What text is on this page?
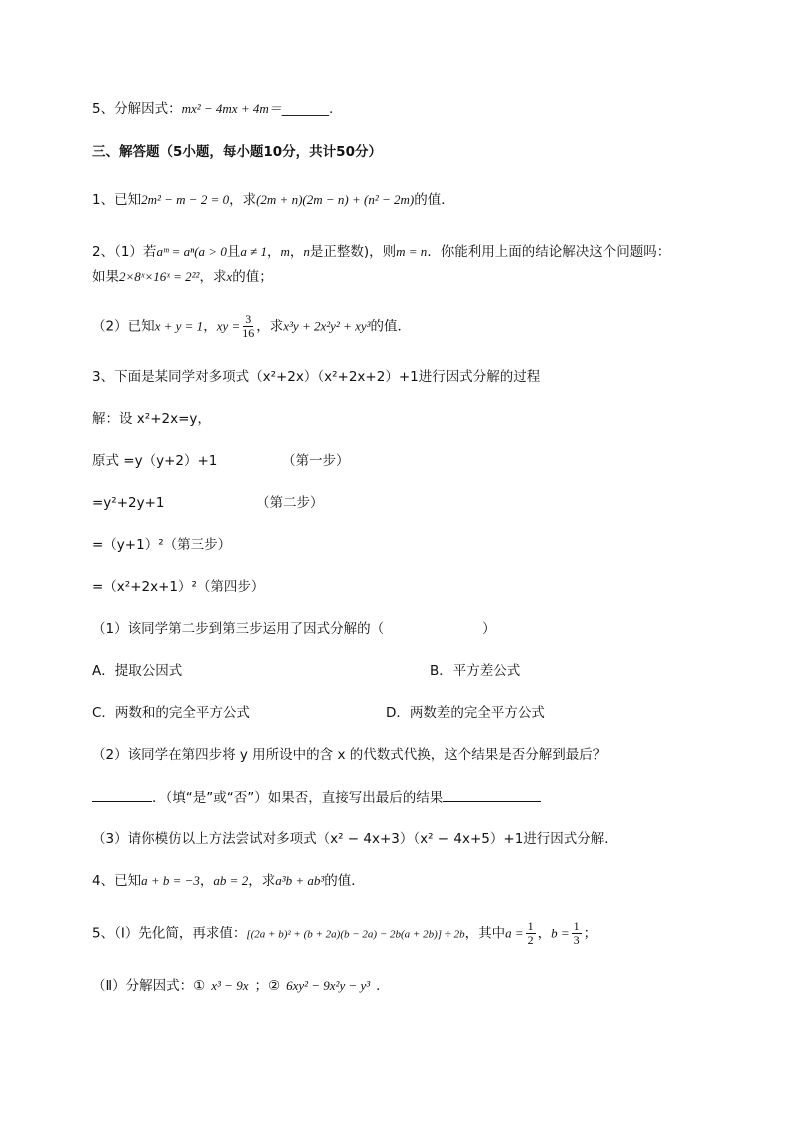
5、分解因式：mx² − 4mx + 4m＝_______.
三、解答题（5小题，每小题10分，共计50分）
1、已知2m² − m − 2 = 0，求(2m + n)(2m − n) + (n² − 2m)的值．
2、（1）若aᵐ = aⁿ(a > 0且a ≠ 1，m，n是正整数)，则m = n．你能利用上面的结论解决这个问题吗：
如果2×8ˣ×16ˣ = 2²²，求x的值；
（2）已知x + y = 1，xy = $\frac{3}{16}$ ，求x³y + 2x²y² + xy³的值．
3、下面是某同学对多项式（x²+2x）（x²+2x+2）+1进行因式分解的过程
解：设 x²+2x=y，
原式 =y（y+2）+1	（第一步）
=y²+2y+1	（第二步）
=（y+1）²（第三步）
=（x²+2x+1）²（第四步）
（1）该同学第二步到第三步运用了因式分解的（	）
A．提取公因式	B．平方差公式
C．两数和的完全平方公式	D．两数差的完全平方公式
（2）该同学在第四步将 y 用所设中的含 x 的代数式代换，这个结果是否分解到最后？
．（填“是”或“否”）如果否，直接写出最后的结果
（3）请你模仿以上方法尝试对多项式（x² − 4x+3）（x² − 4x+5）+1进行因式分解．
4、已知a + b = −3，ab = 2，求a³b + ab³的值．
5、（Ⅰ）先化简，再求值：[(2a + b)² + (b + 2a)(b − 2a) − 2b(a + 2b)] ÷ 2b，其中$a = \frac{1}{2}$ ，$b = \frac{1}{3}$ ；
（Ⅱ）分解因式：① x³ − 9x ；② 6xy² − 9x²y − y³ ．
